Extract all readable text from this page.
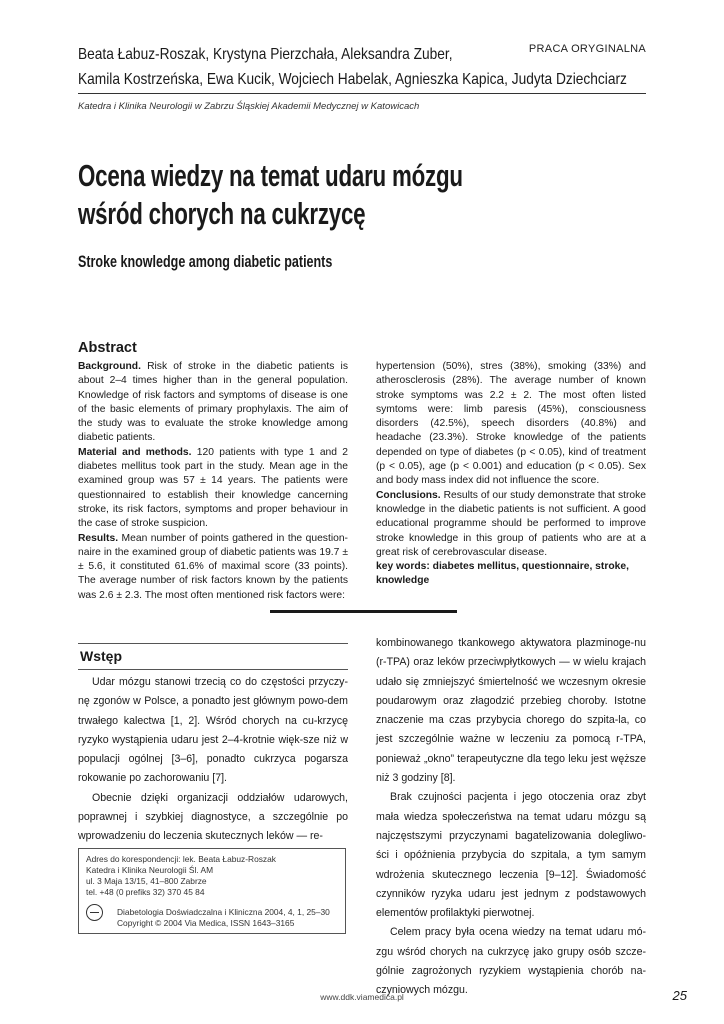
Beata Łabuz-Roszak, Krystyna Pierzchała, Aleksandra Zuber,
Kamila Kostrzeńska, Ewa Kucik, Wojciech Habelak, Agnieszka Kapica, Judyta Dziechciarz
PRACA ORYGINALNA
Katedra i Klinika Neurologii w Zabrzu Śląskiej Akademii Medycznej w Katowicach
Ocena wiedzy na temat udaru mózgu
wśród chorych na cukrzycę
Stroke knowledge among diabetic patients
Abstract

Background. Risk of stroke in the diabetic patients is about 2–4 times higher than in the general population. Knowledge of risk factors and symptoms of disease is one of the basic elements of primary prophylaxis. The aim of the study was to evaluate the stroke knowledge among diabetic patients.

Material and methods. 120 patients with type 1 and 2 diabetes mellitus took part in the study. Mean age in the examined group was 57 ± 14 years. The patients were questionnaired to establish their knowledge cancerning stroke, its risk factors, symptoms and proper behaviour in the case of stroke suspicion.

Results. Mean number of points gathered in the question-naire in the examined group of diabetic patients was 19.7 ± ± 5.6, it constituted 61.6% of maximal score (33 points). The average number of risk factors known by the patients was 2.6 ± 2.3. The most often mentioned risk factors were:

hypertension (50%), stres (38%), smoking (33%) and atherosclerosis (28%). The average number of known stroke symptoms was 2.2 ± 2. The most often listed symtoms were: limb paresis (45%), consciousness disorders (42.5%), speech disorders (40.8%) and headache (23.3%). Stroke knowledge of the patients depended on type of diabetes (p < 0.05), kind of treatment (p < 0.05), age (p < 0.001) and education (p < 0.05). Sex and body mass index did not influence the score.

Conclusions. Results of our study demonstrate that stroke knowledge in the diabetic patients is not sufficient. A good educational programme should be performed to improve stroke knowledge in this group of patients who are at a great risk of cerebrovascular disease.

key words: diabetes mellitus, questionnaire, stroke, knowledge

Wstęp

Udar mózgu stanowi trzecią co do częstości przyczy-nę zgonów w Polsce, a ponadto jest głównym powo-dem trwałego kalectwa [1, 2]. Wśród chorych na cu-krzycę ryzyko wystąpienia udaru jest 2–4-krotnie więk-sze niż w populacji ogólnej [3–6], ponadto cukrzyca pogarsza rokowanie po zachorowaniu [7].

Obecnie dzięki organizacji oddziałów udarowych, poprawnej i szybkiej diagnostyce, a szczególnie po wprowadzeniu do leczenia skutecznych leków — re-

kombinowanego tkankowego aktywatora plazminoge-nu (r-TPA) oraz leków przeciwpłytkowych — w wielu krajach udało się zmniejszyć śmiertelność we wczesnym okresie poudarowym oraz złagodzić przebieg choroby. Istotne znaczenie ma czas przybycia chorego do szpita-la, co jest szczególnie ważne w leczeniu za pomocą r-TPA, ponieważ „okno” terapeutyczne dla tego leku jest węższe niż 3 godziny [8].

Brak czujności pacjenta i jego otoczenia oraz zbyt mała wiedza społeczeństwa na temat udaru mózgu są najczęstszymi przyczynami bagatelizowania dolegliwo-ści i opóźnienia przybycia do szpitala, a tym samym wdrożenia skutecznego leczenia [9–12]. Świadomość czynników ryzyka udaru jest jednym z podstawowych elementów profilaktyki pierwotnej.

Celem pracy była ocena wiedzy na temat udaru mó-zgu wśród chorych na cukrzycę jako grupy osób szcze-gólnie zagrożonych ryzykiem wystąpienia chorób na-czyniowych mózgu.

Adres do korespondencji: lek. Beata Łabuz-Roszak
Katedra i Klinika Neurologii Śl. AM
ul. 3 Maja 13/15, 41–800 Zabrze
tel. +48 (0 prefiks 32) 370 45 84
Diabetologia Doświadczalna i Kliniczna 2004, 4, 1, 25–30
Copyright © 2004 Via Medica, ISSN 1643–3165
www.ddk.viamedica.pl	25
